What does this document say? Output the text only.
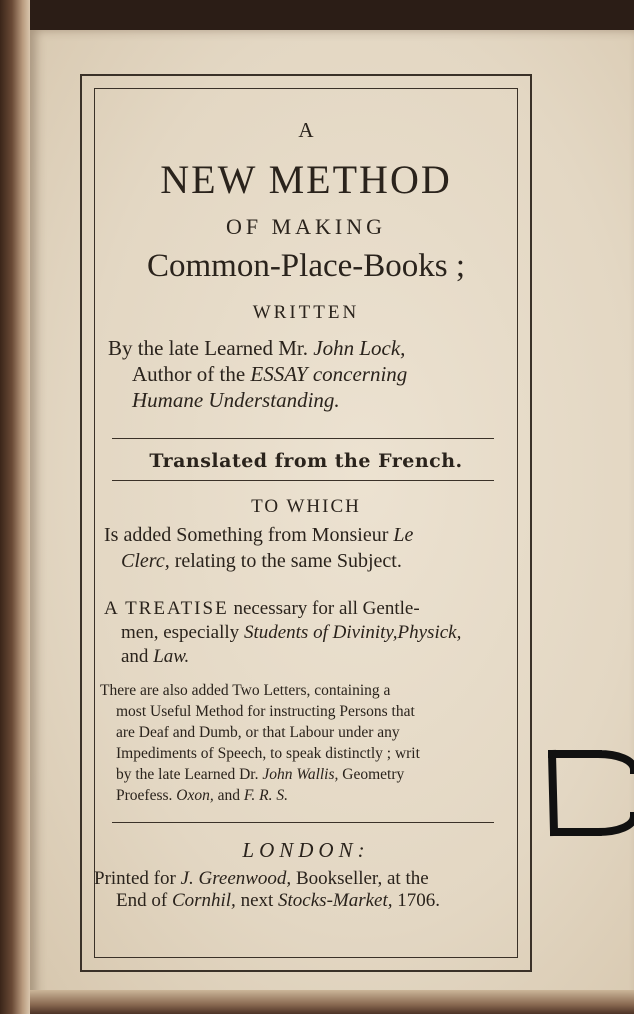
A
NEW METHOD
OF MAKING
Common-Place-Books ;
WRITTEN
By the late Learned Mr. John Lock,
Author of the ESSAY concerning
Humane Understanding.
Translated from the French.
TO WHICH
Is added Something from Monsieur Le
Clerc, relating to the same Subject.
A TREATISE necessary for all Gentle-
men, especially Students of Divinity,Physick,
and Law.
There are also added Two Letters, containing a
most Useful Method for instructing Persons that
are Deaf and Dumb, or that Labour under any
Impediments of Speech, to speak distinctly ; writ
by the late Learned Dr. John Wallis, Geometry
Proefess. Oxon, and F. R. S.
LONDON:
Printed for J. Greenwood, Bookseller, at the
End of Cornhil, next Stocks-Market, 1706.
